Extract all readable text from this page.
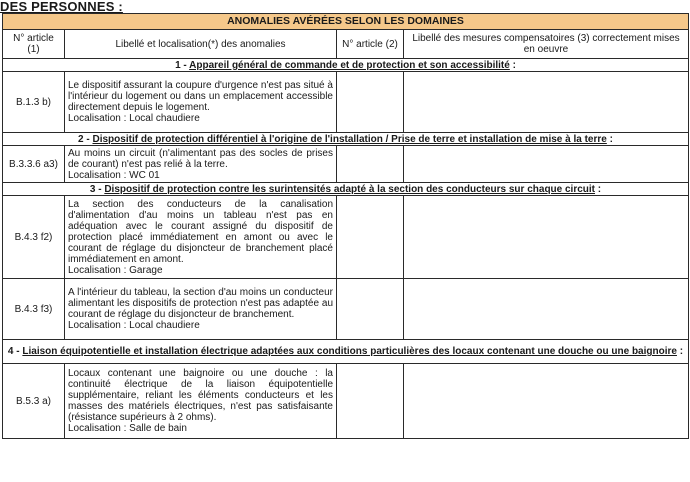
DES PERSONNES :
ANOMALIES AVÉRÉES SELON LES DOMAINES			
N° article (1)	Libellé et localisation(*) des anomalies	N° article (2)	Libellé des mesures compensatoires (3) correctement mises en oeuvre
1 - Appareil général de commande et de protection et son accessibilité :			
B.1.3 b)	Le dispositif assurant la coupure d'urgence n'est pas situé à l'intérieur du logement ou dans un emplacement accessible directement depuis le logement.
Localisation : Local chaudiere		

2 - Dispositif de protection différentiel à l'origine de l'installation / Prise de terre et installation de mise à la terre :			
B.3.3.6 a3)	Au moins un circuit (n'alimentant pas des socles de prises de courant) n'est pas relié à la terre.
Localisation : WC 01		

3 - Dispositif de protection contre les surintensités adapté à la section des conducteurs sur chaque circuit :			
B.4.3 f2)	La section des conducteurs de la canalisation d'alimentation d'au moins un tableau n'est pas en adéquation avec le courant assigné du dispositif de protection placé immédiatement en amont ou avec le courant de réglage du disjoncteur de branchement placé immédiatement en amont.
Localisation : Garage		

B.4.3 f3)	A l'intérieur du tableau, la section d'au moins un conducteur alimentant les dispositifs de protection n'est pas adaptée au courant de réglage du disjoncteur de branchement.
Localisation : Local chaudiere		

4 - Liaison équipotentielle et installation électrique adaptées aux conditions particulières des locaux contenant une douche ou une baignoire :			
B.5.3 a)	Locaux contenant une baignoire ou une douche : la continuité électrique de la liaison équipotentielle supplémentaire, reliant les éléments conducteurs et les masses des matériels électriques, n'est pas satisfaisante (résistance supérieurs à 2 ohms).
Localisation : Salle de bain		
